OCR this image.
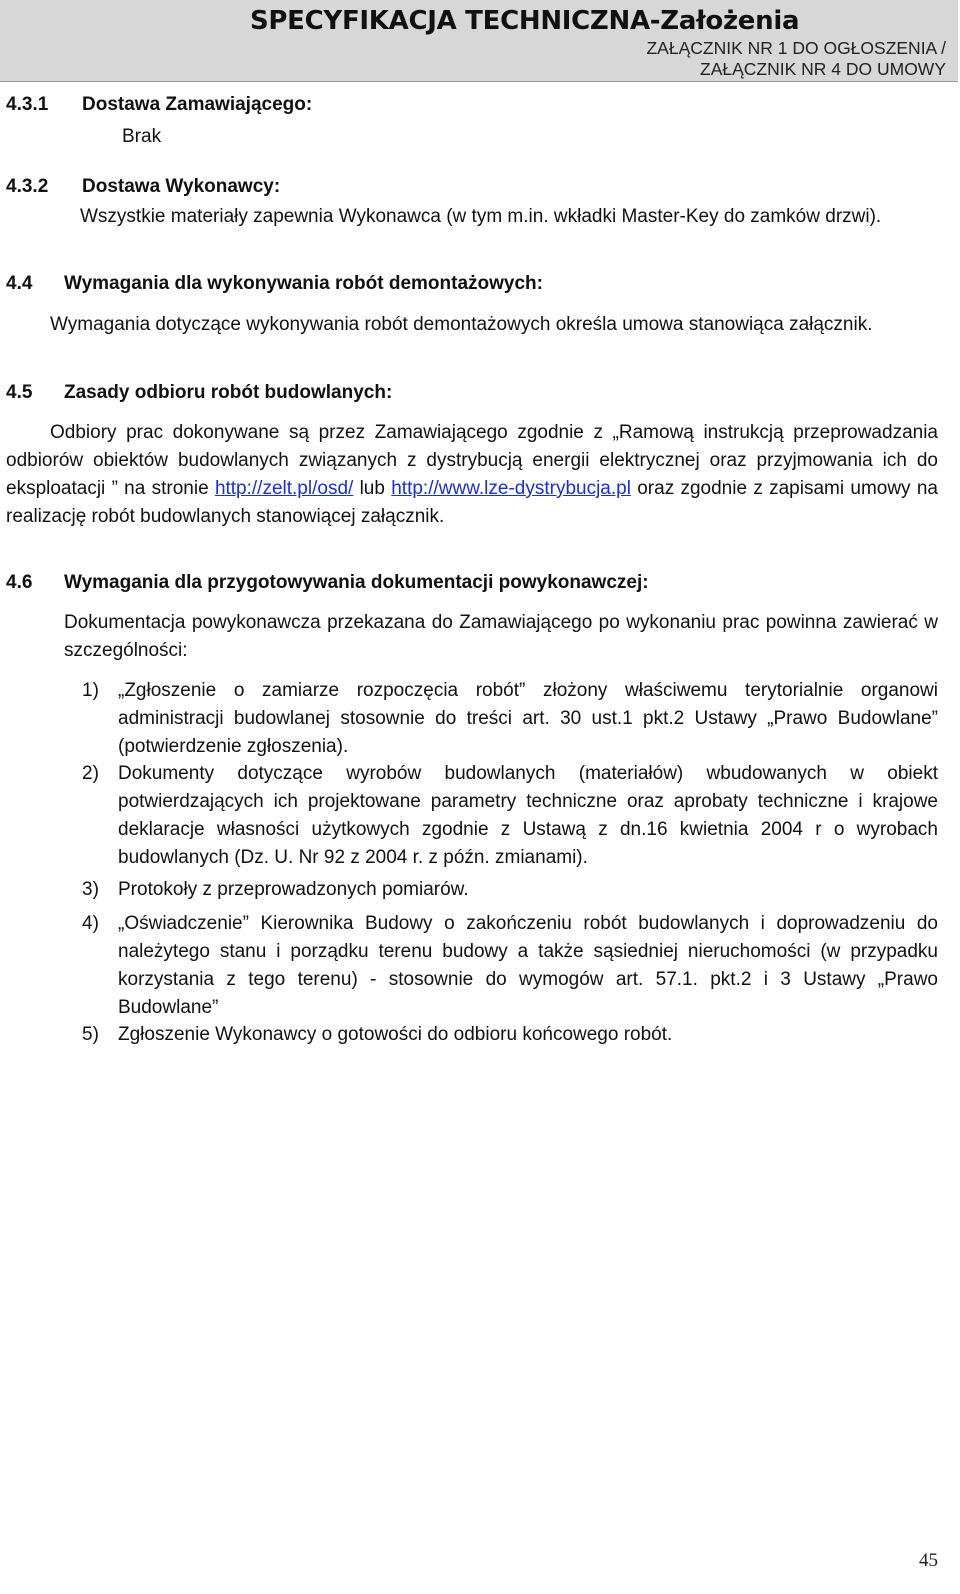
SPECYFIKACJA TECHNICZNA-Założenia
ZAŁĄCZNIK NR 1 DO OGŁOSZENIA /
ZAŁĄCZNIK NR 4 DO UMOWY
4.3.1 Dostawa Zamawiającego:
Brak
4.3.2 Dostawa Wykonawcy:
Wszystkie materiały zapewnia Wykonawca (w tym m.in. wkładki Master-Key do zamków drzwi).
4.4 Wymagania dla wykonywania robót demontażowych:
Wymagania dotyczące wykonywania robót demontażowych określa umowa stanowiąca załącznik.
4.5 Zasady odbioru robót budowlanych:
Odbiory prac dokonywane są przez Zamawiającego zgodnie z „Ramową instrukcją przeprowadzania odbiorów obiektów budowlanych związanych z dystrybucją energii elektrycznej oraz przyjmowania ich do eksploatacji ” na stronie http://zelt.pl/osd/ lub http://www.lze-dystrybucja.pl oraz zgodnie z zapisami umowy na realizację robót budowlanych stanowiącej załącznik.
4.6 Wymagania dla przygotowywania dokumentacji powykonawczej:
Dokumentacja powykonawcza przekazana do Zamawiającego po wykonaniu prac powinna zawierać w szczególności:
1) „Zgłoszenie o zamiarze rozpoczęcia robót” złożony właściwemu terytorialnie organowi administracji budowlanej stosownie do treści art. 30 ust.1 pkt.2 Ustawy „Prawo Budowlane” (potwierdzenie zgłoszenia).
2) Dokumenty dotyczące wyrobów budowlanych (materiałów) wbudowanych w obiekt potwierdzających ich projektowane parametry techniczne oraz aprobaty techniczne i krajowe deklaracje własności użytkowych zgodnie z Ustawą z dn.16 kwietnia 2004 r o wyrobach budowlanych (Dz. U. Nr 92 z 2004 r. z późn. zmianami).
3) Protokoły z przeprowadzonych pomiarów.
4) „Oświadczenie” Kierownika Budowy o zakończeniu robót budowlanych i doprowadzeniu do należytego stanu i porządku terenu budowy a także sąsiedniej nieruchomości (w przypadku korzystania z tego terenu) - stosownie do wymogów art. 57.1. pkt.2 i 3 Ustawy „Prawo Budowlane”
5) Zgłoszenie Wykonawcy o gotowości do odbioru końcowego robót.
45
